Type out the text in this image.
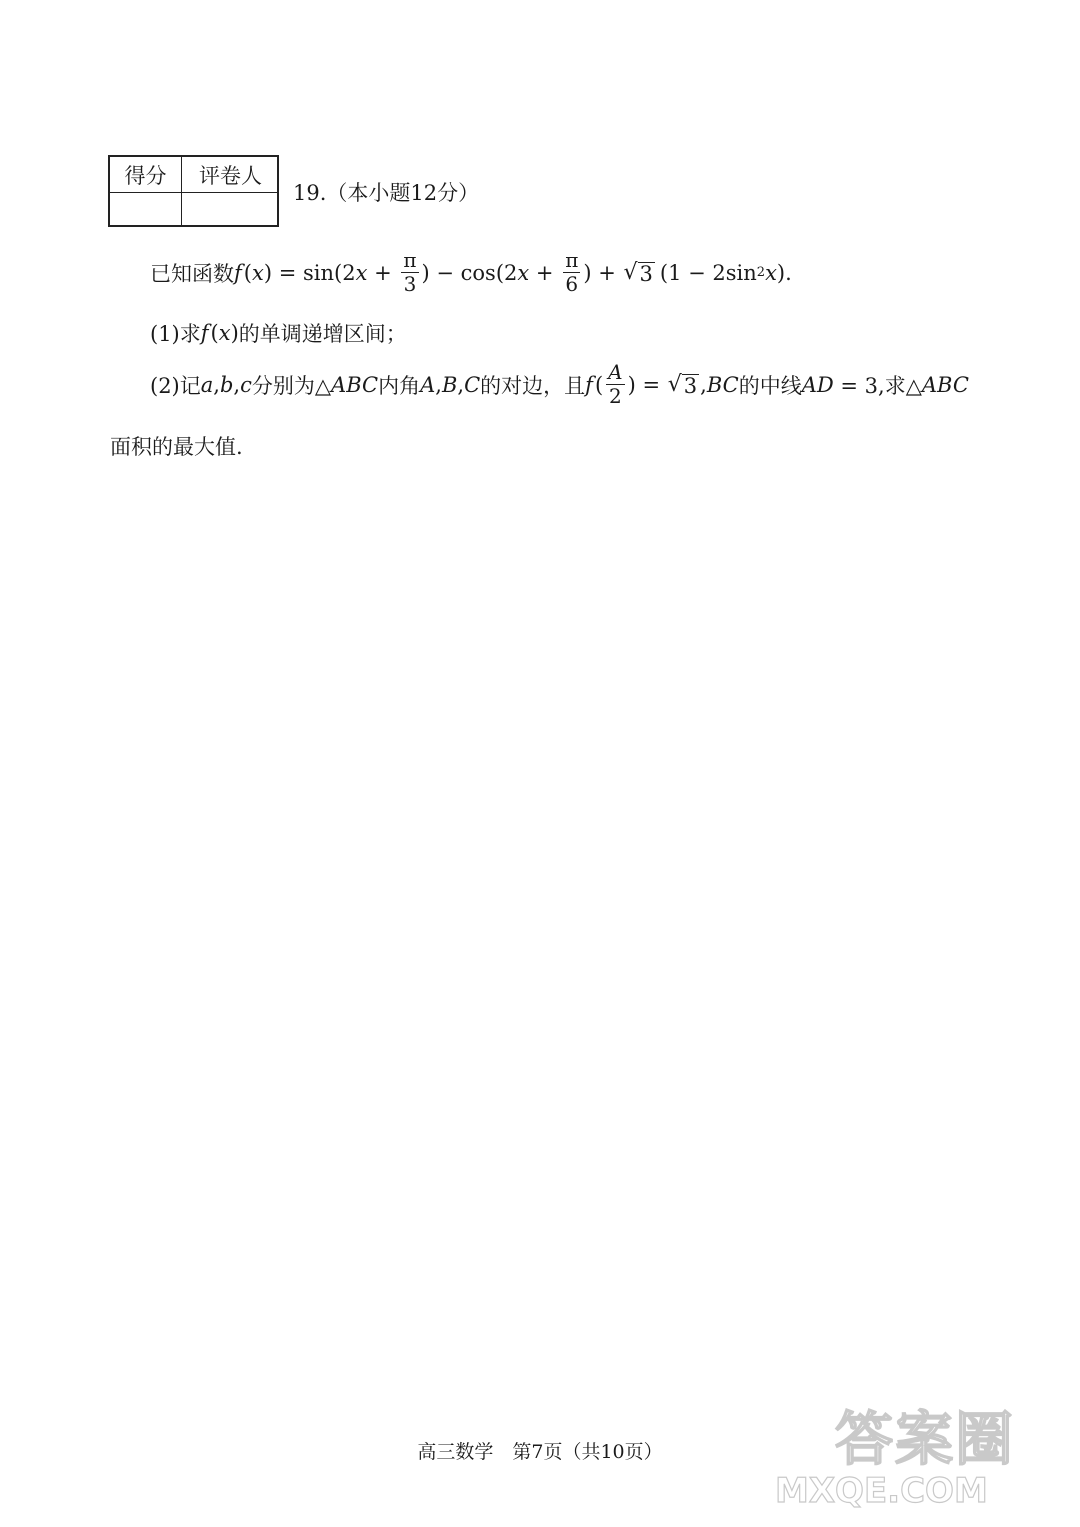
得分	评卷人
19.（本小题12分）
已知函数 f ( x ) = sin(2 $x + \frac{\pi}{3}$ ) − cos(2 $x + \frac{\pi}{6}$ ) + √ 3 (1 − 2sin 2 x ).
(1)求 f ( x ) 的单调递增区间；
(2)记 a , b , c 分别为△ ABC 内角 A , B , C 的对边，且 f ( $\frac{A}{2}$ ) = √ 3 , BC 的中线 AD = 3,求△ ABC
面积的最大值.
高三数学　第7页（共10页）	答案圈
MXQE.COM
